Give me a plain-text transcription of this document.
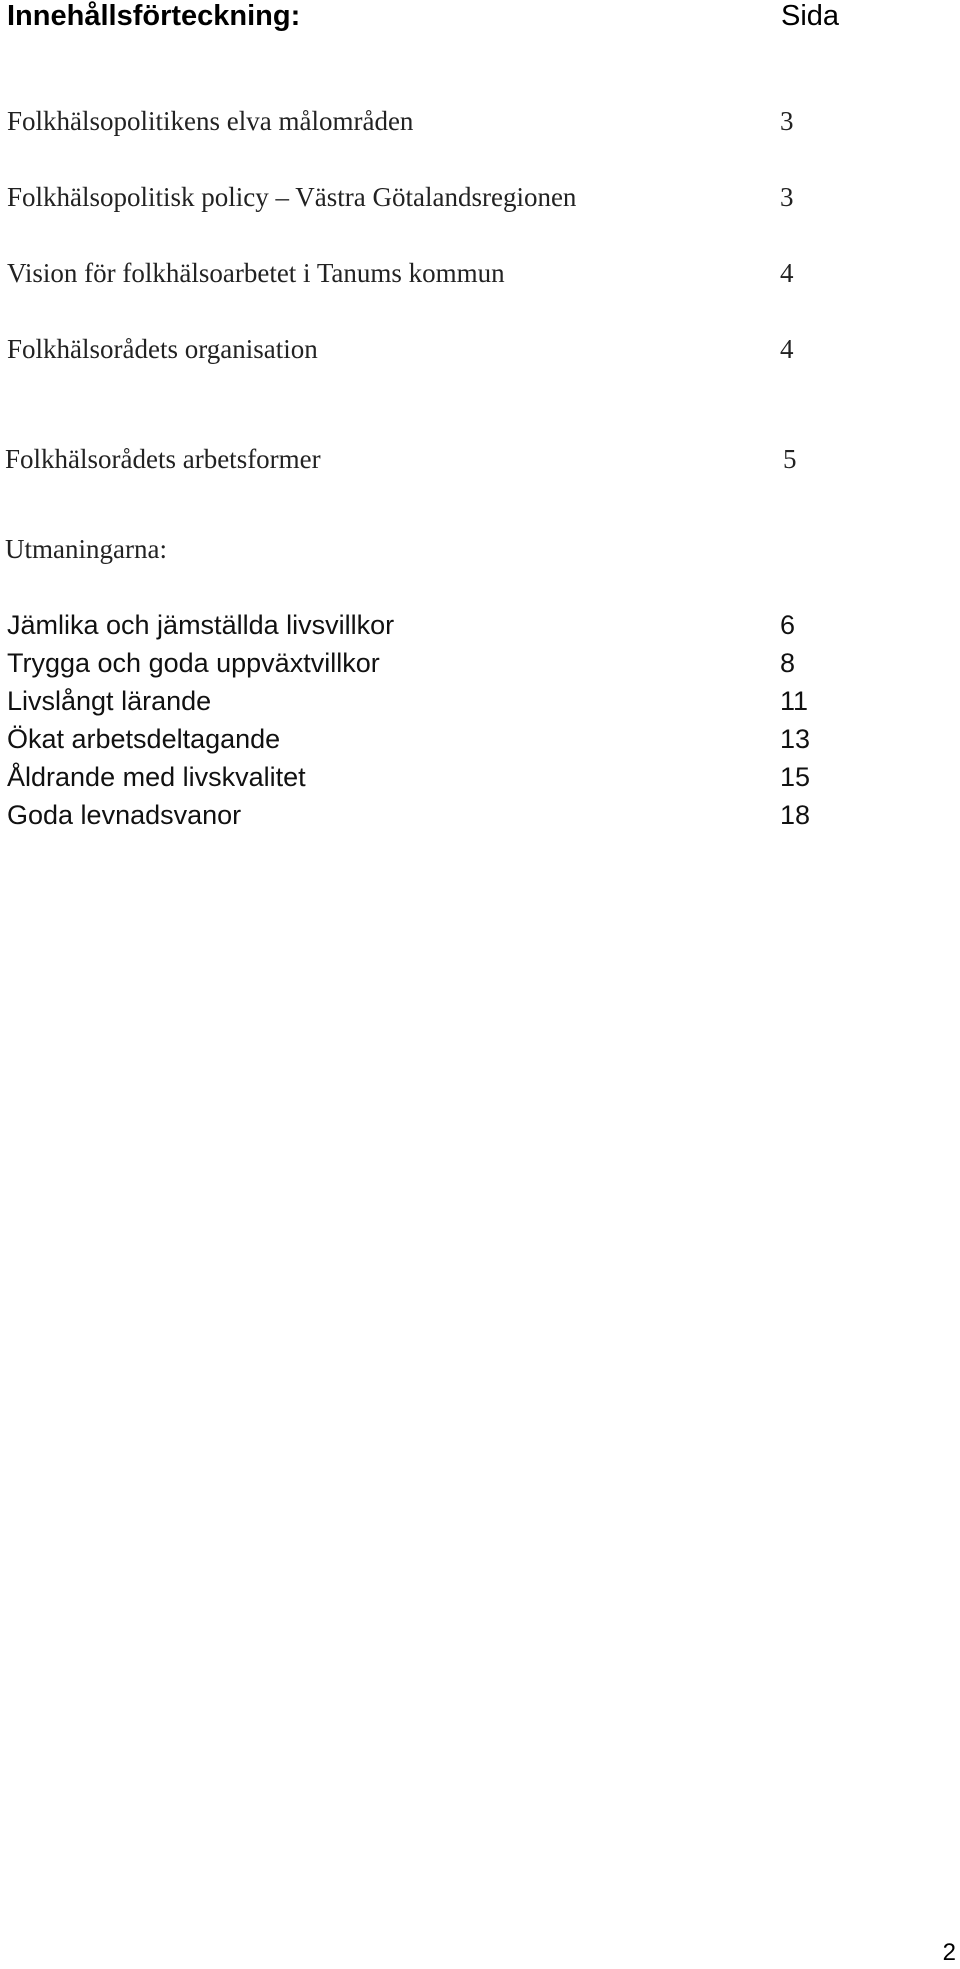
Innehållsförteckning:	Sida
Folkhälsopolitikens elva målområden	3
Folkhälsopolitisk policy – Västra Götalandsregionen	3
Vision för folkhälsoarbetet i Tanums kommun	4
Folkhälsorådets organisation	4
Folkhälsorådets arbetsformer	5
Utmaningarna:
Jämlika och jämställda livsvillkor	6
Trygga och goda uppväxtvillkor	8
Livslångt lärande	11
Ökat arbetsdeltagande	13
Åldrande med livskvalitet	15
Goda levnadsvanor	18
2
